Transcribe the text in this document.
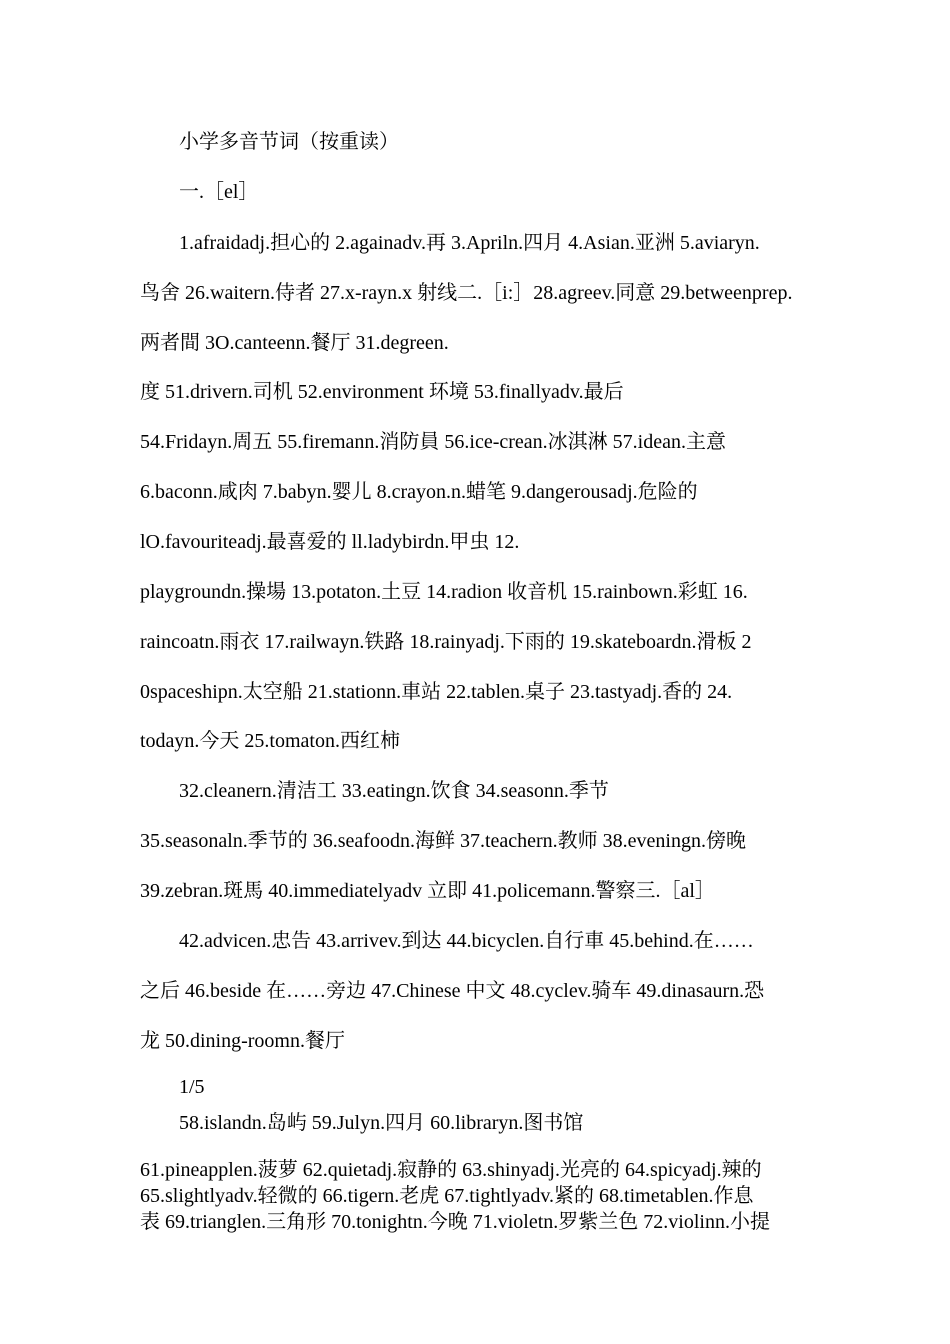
小学多音节词（按重读）
一.［el］
1.afraidadj.担心的 2.againadv.再 3.Apriln.四月 4.Asian.亚洲 5.aviaryn.
鸟舍 26.waitern.侍者 27.x-rayn.x 射线二.［i:］28.agreev.同意 29.betweenprep.
两者間 3O.canteenn.餐厅 31.degreen.
度 51.drivern.司机 52.environment 环境 53.finallyadv.最后
54.Fridayn.周五 55.firemann.消防員 56.ice-crean.冰淇淋 57.idean.主意
6.baconn.咸肉 7.babyn.婴儿 8.crayon.n.蜡笔 9.dangerousadj.危险的
lO.favouriteadj.最喜爱的 ll.ladybirdn.甲虫 12.
playgroundn.操場 13.potaton.土豆 14.radion 收音机 15.rainbown.彩虹 16.
raincoatn.雨衣 17.railwayn.铁路 18.rainyadj.下雨的 19.skateboardn.滑板 2
0spaceshipn.太空船 21.stationn.車站 22.tablen.桌子 23.tastyadj.香的 24.
todayn.今天 25.tomaton.西红柿
32.cleanern.清洁工 33.eatingn.饮食 34.seasonn.季节
35.seasonaln.季节的 36.seafoodn.海鲜 37.teachern.教师 38.eveningn.傍晚
39.zebran.斑馬 40.immediatelyadv 立即 41.policemann.警察三.［al］
42.advicen.忠告 43.arrivev.到达 44.bicyclen.自行車 45.behind.在……
之后 46.beside 在……旁边 47.Chinese 中文 48.cyclev.骑车 49.dinasaurn.恐
龙 50.dining-roomn.餐厅
1/5
58.islandn.岛屿 59.Julyn.四月 60.libraryn.图书馆
61.pineapplen.菠萝 62.quietadj.寂静的 63.shinyadj.光亮的 64.spicyadj.辣的
65.slightlyadv.轻微的 66.tigern.老虎 67.tightlyadv.紧的 68.timetablen.作息
表 69.trianglen.三角形 70.tonightn.今晚 71.violetn.罗紫兰色 72.violinn.小提
